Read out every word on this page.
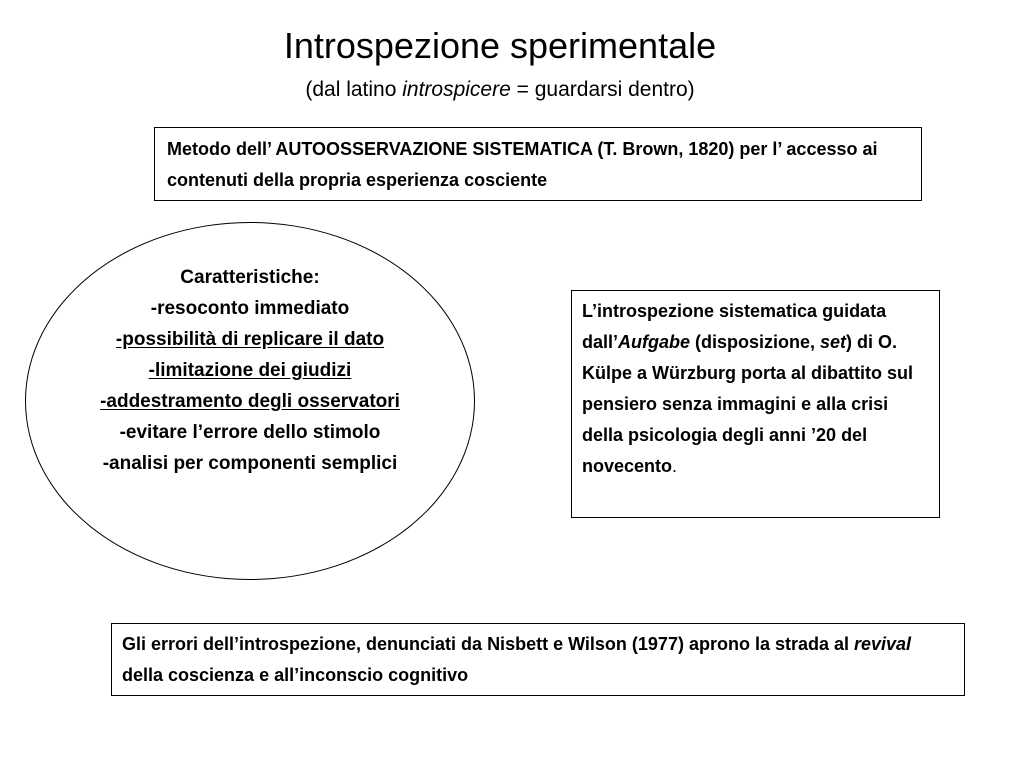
Introspezione sperimentale
(dal latino introspicere = guardarsi dentro)
Metodo dell’ AUTOOSSERVAZIONE SISTEMATICA (T. Brown, 1820) per l’ accesso ai contenuti della propria esperienza cosciente
Caratteristiche:
-resoconto immediato
-possibilità di replicare il dato
-limitazione dei giudizi
-addestramento degli osservatori
-evitare l’errore dello stimolo
-analisi per componenti semplici
L’introspezione sistematica guidata dall’Aufgabe (disposizione, set) di O. Külpe a Würzburg porta al dibattito sul pensiero senza immagini e alla crisi della psicologia degli anni ’20 del novecento.
Gli errori dell’introspezione, denunciati da Nisbett e Wilson (1977) aprono la strada al revival della coscienza e all’inconscio cognitivo
